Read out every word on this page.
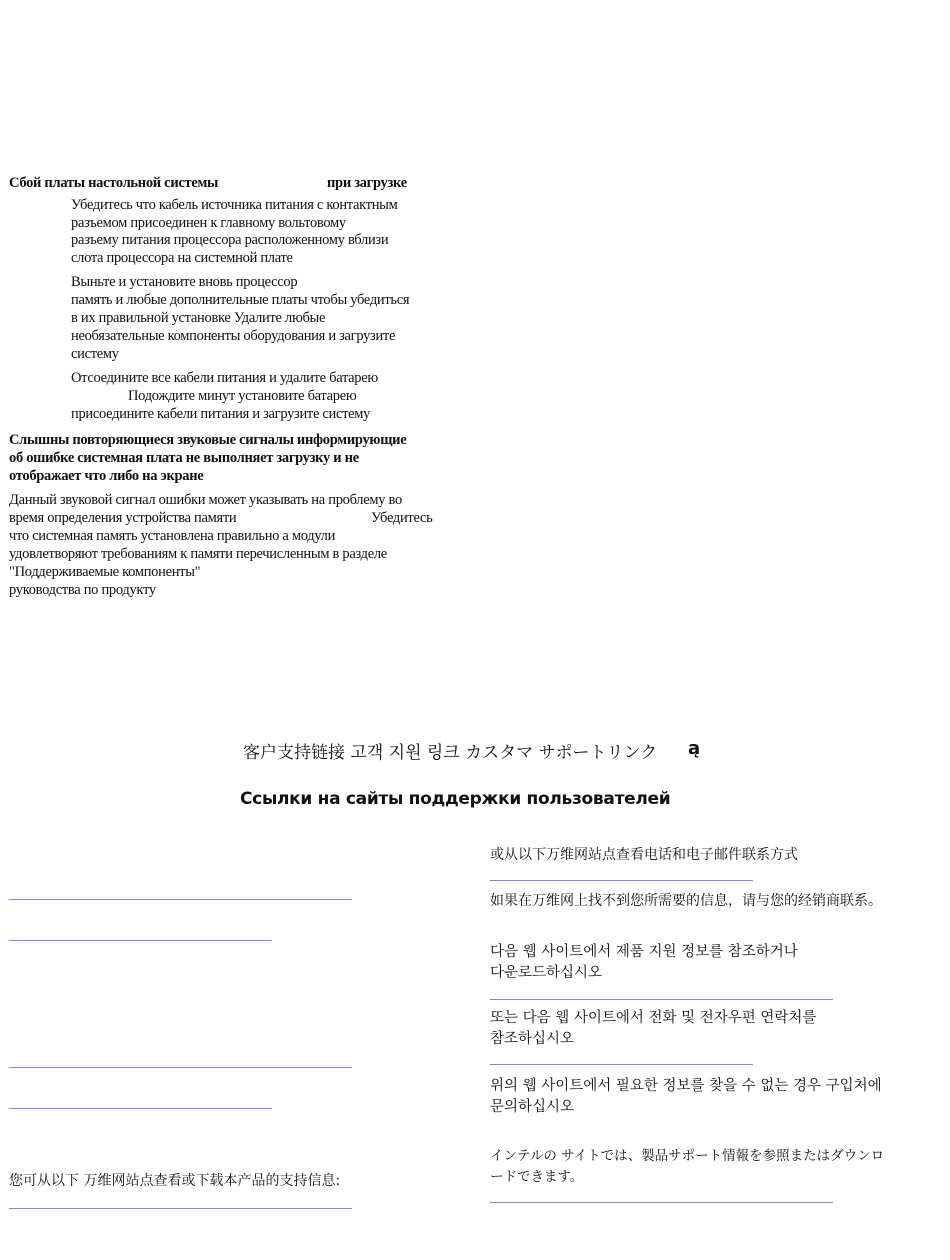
Сбой платы настольной системы	при загрузке
Убедитесь что кабель источника питания с контактным
разъемом присоединен к главному вольтовому
разъему питания процессора расположенному вблизи
слота процессора на системной плате
Выньте и установите вновь процессор
память и любые дополнительные платы чтобы убедиться
в их правильной установке Удалите любые
необязательные компоненты оборудования и загрузите
систему
Отсоедините все кабели питания и удалите батарею
Подождите минут установите батарею
присоедините кабели питания и загрузите систему
Слышны повторяющиеся звуковые сигналы информирующие
об ошибке системная плата не выполняет загрузку и не
отображает что либо на экране
Данный звуковой сигнал ошибки может указывать на проблему во
время определения устройства памяти	Убедитесь
что системная память установлена правильно а модули
удовлетворяют требованиям к памяти перечисленным в разделе
"Поддерживаемые компоненты"
руководства по продукту
客户支持链接 고객 지원 링크 カスタマ サポートリンク ą
Ссылки на сайты поддержки пользователей
您可从以下 万维网站点查看或下载本产品的支持信息:
或从以下万维网站点查看电话和电子邮件联系方式
如果在万维网上找不到您所需要的信息，请与您的经销商联系。
다음 웹 사이트에서 제품 지원 정보를 참조하거나
다운로드하십시오
또는 다음 웹 사이트에서 전화 및 전자우편 연락처를
참조하십시오
위의 웹 사이트에서 필요한 정보를 찾을 수 없는 경우 구입처에
문의하십시오
インテルの サイトでは、製品サポート情報を参照またはダウンロ
ードできます。
